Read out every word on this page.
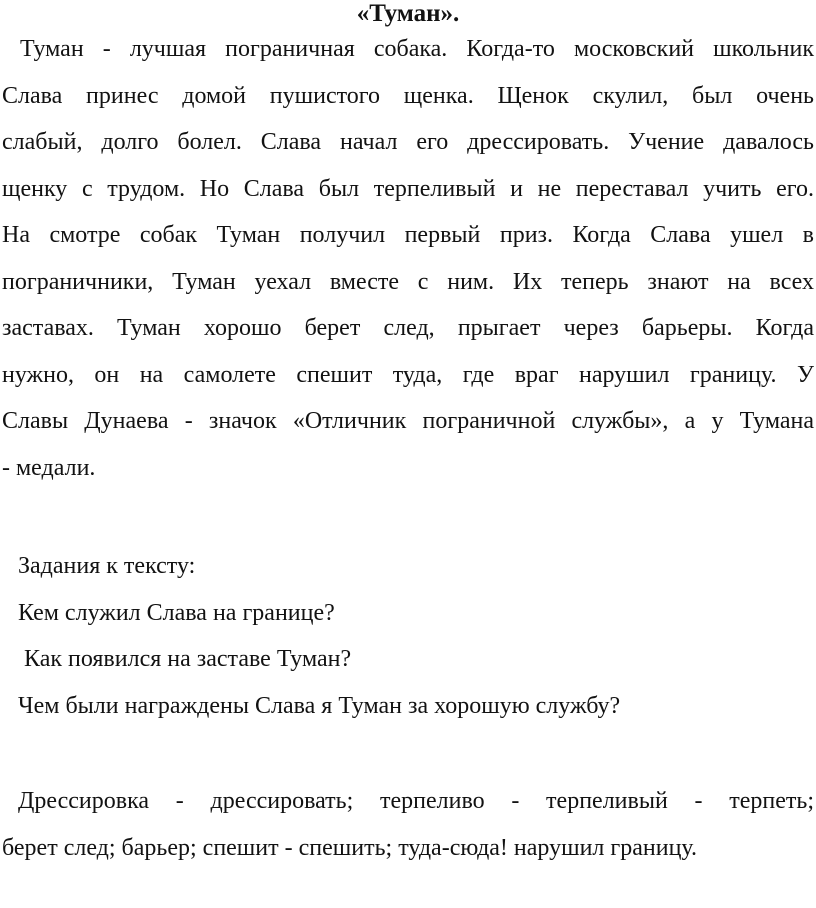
«Туман».
Туман - лучшая пограничная собака. Когда-то московский школьник
Слава принес домой пушистого щенка. Щенок скулил, был очень
слабый, долго болел. Слава начал его дрессировать. Учение давалось
щенку с трудом. Но Слава был терпеливый и не переставал учить его.
На смотре собак Туман получил первый приз. Когда Слава ушел в
пограничники, Туман уехал вместе с ним. Их теперь знают на всех
заставах. Туман хорошо берет след, прыгает через барьеры. Когда
нужно, он на самолете спешит туда, где враг нарушил границу. У
Славы Дунаева - значок «Отличник пограничной службы», а у Тумана
- медали.
Задания к тексту:
Кем служил Слава на границе?
Как появился на заставе Туман?
Чем были награждены Слава я Туман за хорошую службу?
Дрессировка - дрессировать; терпеливо - терпеливый - терпеть;
берет след; барьер; спешит - спешить; туда-сюда! нарушил границу.
